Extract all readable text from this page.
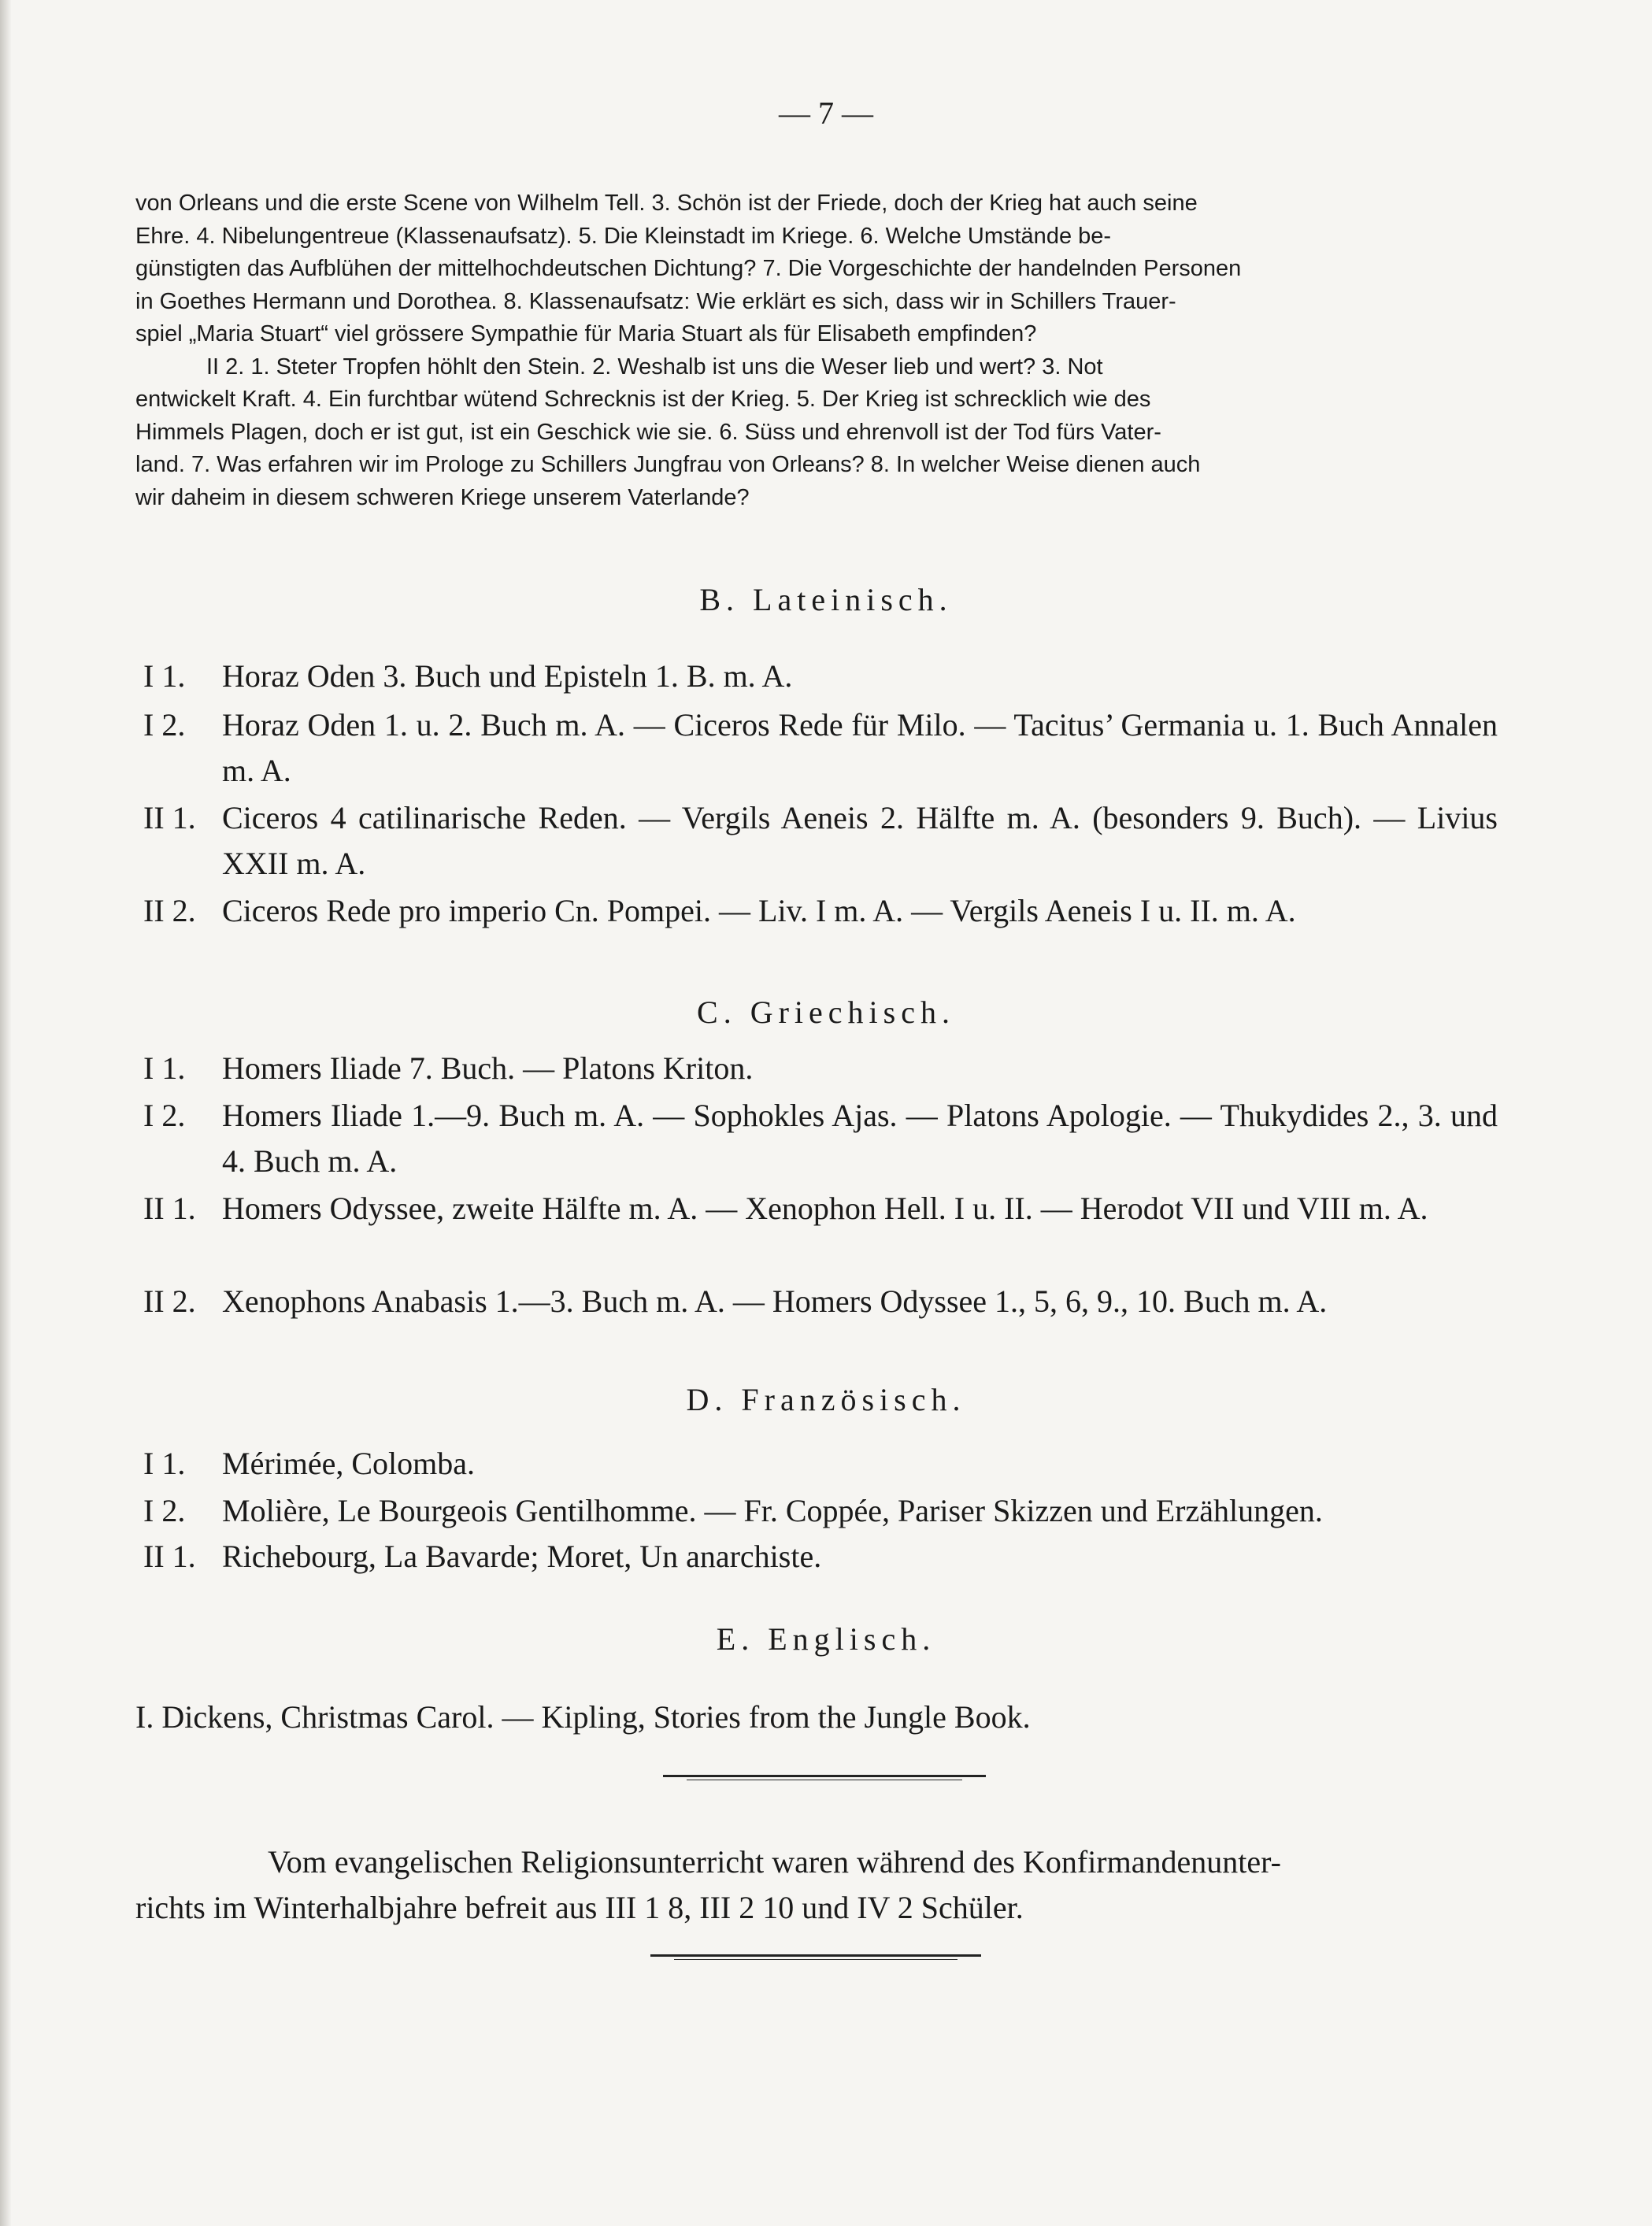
— 7 —

von Orleans und die erste Scene von Wilhelm Tell. 3. Schön ist der Friede, doch der Krieg hat auch seine

Ehre. 4. Nibelungentreue (Klassenaufsatz). 5. Die Kleinstadt im Kriege. 6. Welche Umstände be-

günstigten das Aufblühen der mittelhochdeutschen Dichtung? 7. Die Vorgeschichte der handelnden Personen

in Goethes Hermann und Dorothea. 8. Klassenaufsatz: Wie erklärt es sich, dass wir in Schillers Trauer-

spiel „Maria Stuart“ viel grössere Sympathie für Maria Stuart als für Elisabeth empfinden?

II 2. 1. Steter Tropfen höhlt den Stein. 2. Weshalb ist uns die Weser lieb und wert? 3. Not

entwickelt Kraft. 4. Ein furchtbar wütend Schrecknis ist der Krieg. 5. Der Krieg ist schrecklich wie des

Himmels Plagen, doch er ist gut, ist ein Geschick wie sie. 6. Süss und ehrenvoll ist der Tod fürs Vater-

land. 7. Was erfahren wir im Prologe zu Schillers Jungfrau von Orleans? 8. In welcher Weise dienen auch

wir daheim in diesem schweren Kriege unserem Vaterlande?

B. Lateinisch.
I 1.	Horaz Oden 3. Buch und Episteln 1. B. m. A.
I 2.	Horaz Oden 1. u. 2. Buch m. A. — Ciceros Rede für Milo. — Tacitus’ Germania u. 1. Buch Annalen m. A.
II 1. Ciceros 4 catilinarische Reden. — Vergils Aeneis 2. Hälfte m. A. (besonders 9. Buch). — Livius XXII m. A.
II 2. Ciceros Rede pro imperio Cn. Pompei. — Liv. I m. A. — Vergils Aeneis I u. II. m. A.
C. Griechisch.
I 1.	Homers Iliade 7. Buch. — Platons Kriton.
I 2.	Homers Iliade 1.—9. Buch m. A. — Sophokles Ajas. — Platons Apologie. — Thukydides 2., 3. und 4. Buch m. A.
II 1. Homers Odyssee, zweite Hälfte m. A. — Xenophon Hell. I u. II. — Herodot VII und VIII m. A.
II 2. Xenophons Anabasis 1.—3. Buch m. A. — Homers Odyssee 1., 5, 6, 9., 10. Buch m. A.
D. Französisch.
I 1.	Mérimée, Colomba.
I 2.	Molière, Le Bourgeois Gentilhomme. — Fr. Coppée, Pariser Skizzen und Erzählungen.
II 1. Richebourg, La Bavarde; Moret, Un anarchiste.
E. Englisch.
I. Dickens, Christmas Carol. — Kipling, Stories from the Jungle Book.
Vom evangelischen Religionsunterricht waren während des Konfirmandenunter-
richts im Winterhalbjahre befreit aus III 1 8, III 2 10 und IV 2 Schüler.
